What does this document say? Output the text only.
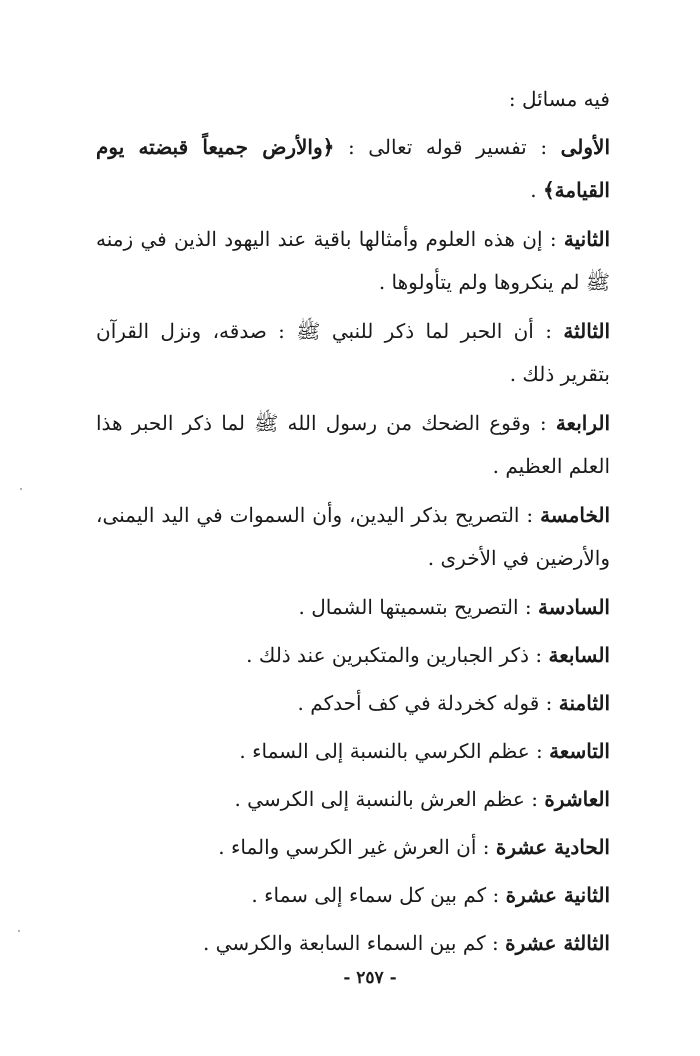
فيه مسائل :

الأولى : تفسير قوله تعالى : ﴿والأرض جميعاً قبضته يوم القيامة﴾ .

الثانية : إن هذه العلوم وأمثالها باقية عند اليهود الذين في زمنه ﷺ لم ينكروها ولم يتأولوها .

الثالثة : أن الحبر لما ذكر للنبي ﷺ : صدقه، ونزل القرآن بتقرير ذلك .

الرابعة : وقوع الضحك من رسول الله ﷺ لما ذكر الحبر هذا العلم العظيم .

الخامسة : التصريح بذكر اليدين، وأن السموات في اليد اليمنى، والأرضين في الأخرى .

السادسة : التصريح بتسميتها الشمال .

السابعة : ذكر الجبارين والمتكبرين عند ذلك .

الثامنة : قوله كخردلة في كف أحدكم .

التاسعة : عظم الكرسي بالنسبة إلى السماء .

العاشرة : عظم العرش بالنسبة إلى الكرسي .

الحادية عشرة : أن العرش غير الكرسي والماء .

الثانية عشرة : كم بين كل سماء إلى سماء .

الثالثة عشرة : كم بين السماء السابعة والكرسي .

- ٢٥٧ -
